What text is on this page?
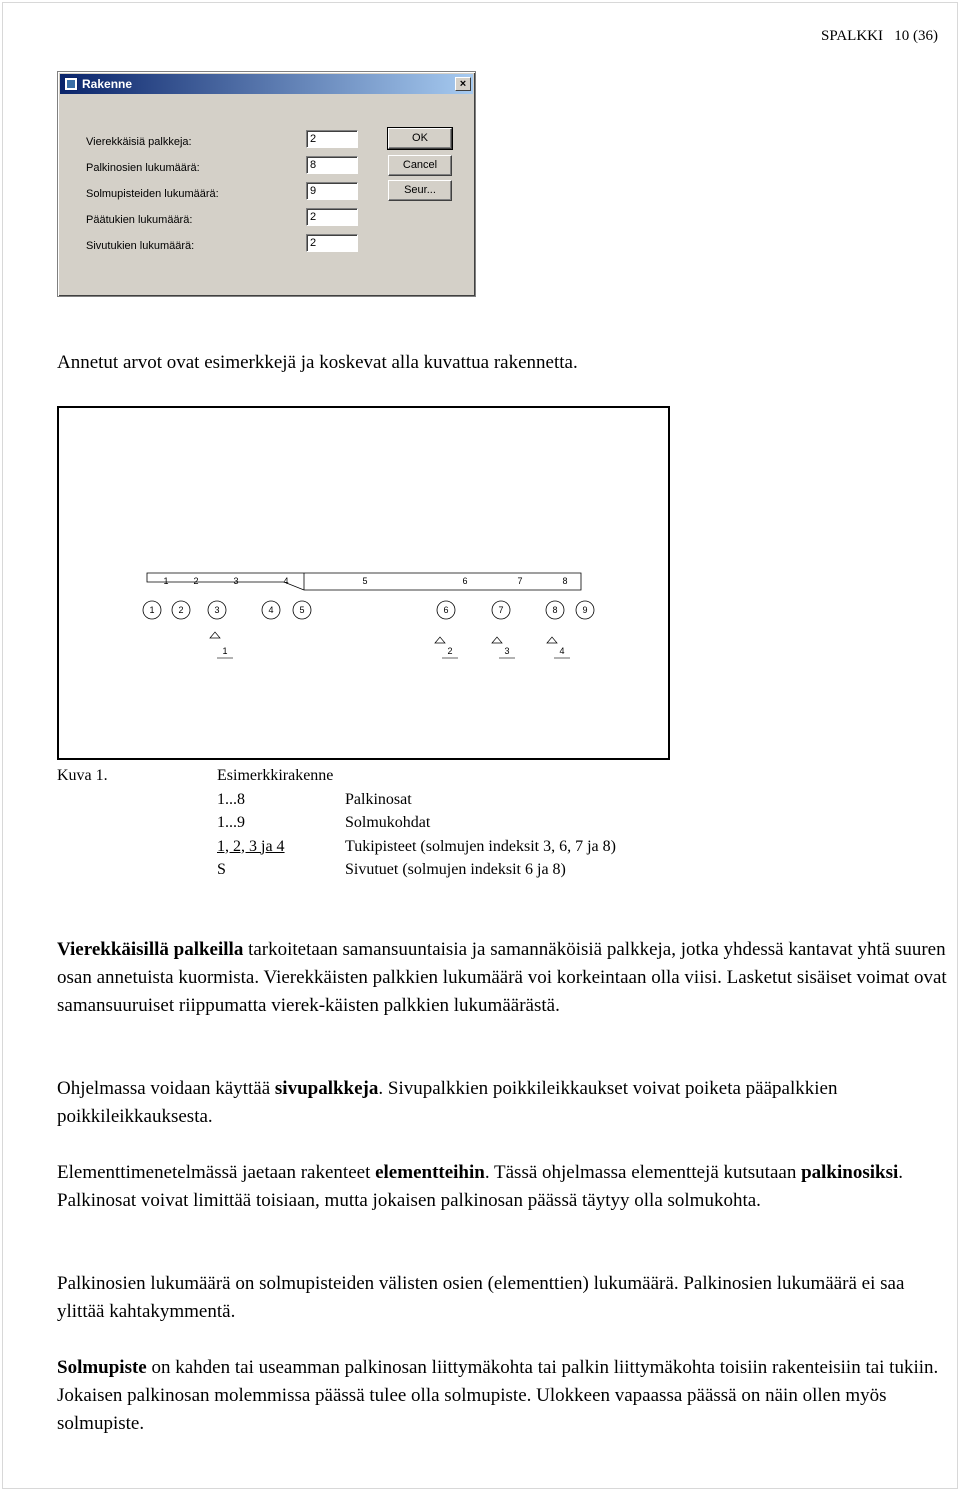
SPALKKI   10 (36)
Rakenne	×
Vierekkäisiä palkkeja:	2
Palkinosien lukumäärä:	8
Solmupisteiden lukumäärä:	9
Päätukien lukumäärä:	2
Sivutukien lukumäärä:	2
OK
Cancel
Seur...
Annetut arvot ovat esimerkkejä ja koskevat alla kuvattua rakennetta.
1	2	3	4	5	6	7	8
1	2	3	4	5	6	7	8	9
1	2	3	4
Kuva 1.	Esimerkkirakenne
1...8	Palkinosat
1...9	Solmukohdat
1, 2, 3 ja 4	Tukipisteet (solmujen indeksit 3, 6, 7 ja 8)
S	Sivutuet (solmujen indeksit 6 ja 8)

Vierekkäisillä palkeilla tarkoitetaan samansuuntaisia ja samannäköisiä palkkeja, jotka yhdessä kantavat yhtä suuren osan annetuista kuormista. Vierekkäisten palkkien lukumäärä voi korkeintaan olla viisi. Lasketut sisäiset voimat ovat samansuuruiset riippumatta vierek-käisten palkkien lukumäärästä.

Ohjelmassa voidaan käyttää sivupalkkeja. Sivupalkkien poikkileikkaukset voivat poiketa pääpalkkien poikkileikkauksesta.

Elementtimenetelmässä jaetaan rakenteet elementteihin. Tässä ohjelmassa elementtejä kutsutaan palkinosiksi. Palkinosat voivat limittää toisiaan, mutta jokaisen palkinosan päässä täytyy olla solmukohta.

Palkinosien lukumäärä on solmupisteiden välisten osien (elementtien) lukumäärä. Palkinosien lukumäärä ei saa ylittää kahtakymmentä.

Solmupiste on kahden tai useamman palkinosan liittymäkohta tai palkin liittymäkohta toisiin rakenteisiin tai tukiin. Jokaisen palkinosan molemmissa päässä tulee olla solmupiste. Ulokkeen vapaassa päässä on näin ollen myös solmupiste.
